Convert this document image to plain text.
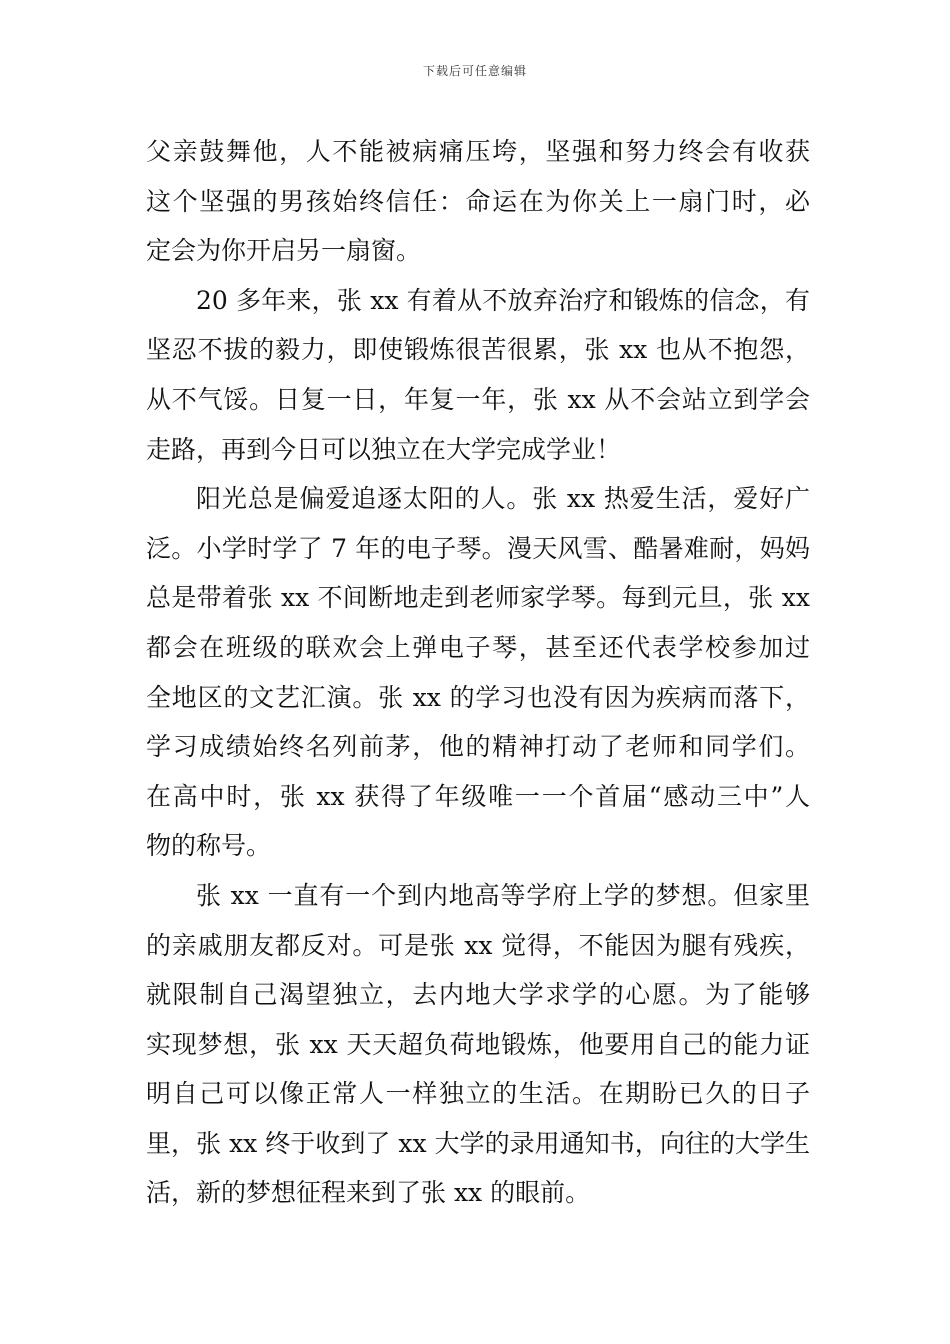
下载后可任意编辑
父亲鼓舞他，人不能被病痛压垮，坚强和努力终会有收获
这个坚强的男孩始终信任：命运在为你关上一扇门时，必
定会为你开启另一扇窗。
20 多年来，张 xx 有着从不放弃治疗和锻炼的信念，有
坚忍不拔的毅力，即使锻炼很苦很累，张 xx 也从不抱怨，
从不气馁。日复一日，年复一年，张 xx 从不会站立到学会
走路，再到今日可以独立在大学完成学业！
阳光总是偏爱追逐太阳的人。张 xx 热爱生活，爱好广
泛。小学时学了 7 年的电子琴。漫天风雪、酷暑难耐，妈妈
总是带着张 xx 不间断地走到老师家学琴。每到元旦，张 xx
都会在班级的联欢会上弹电子琴，甚至还代表学校参加过
全地区的文艺汇演。张 xx 的学习也没有因为疾病而落下，
学习成绩始终名列前茅，他的精神打动了老师和同学们。
在高中时，张 xx 获得了年级唯一一个首届“感动三中”人
物的称号。
张 xx 一直有一个到内地高等学府上学的梦想。但家里
的亲戚朋友都反对。可是张 xx 觉得，不能因为腿有残疾，
就限制自己渴望独立，去内地大学求学的心愿。为了能够
实现梦想，张 xx 天天超负荷地锻炼，他要用自己的能力证
明自己可以像正常人一样独立的生活。在期盼已久的日子
里，张 xx 终于收到了 xx 大学的录用通知书，向往的大学生
活，新的梦想征程来到了张 xx 的眼前。
